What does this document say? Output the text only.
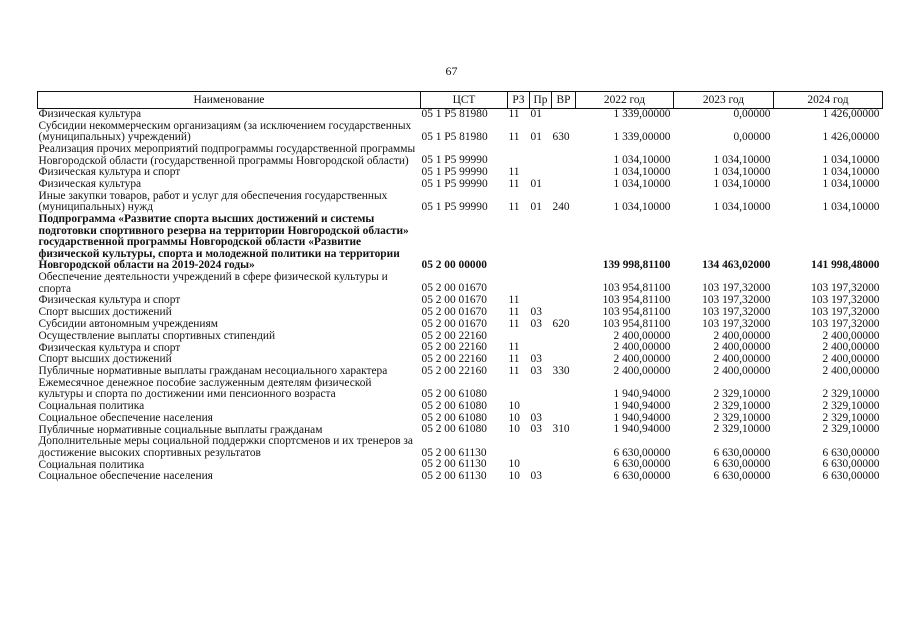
67
Наименование	ЦСТ	РЗ	Пр	ВР	2022 год	2023 год	2024 год
Физическая культура	05 1 P5 81980	11	01		1 339,00000	0,00000	1 426,00000
Субсидии некоммерческим организациям (за исключением государственных (муниципальных) учреждений)	05 1 P5 81980	11	01	630	1 339,00000	0,00000	1 426,00000
Реализация прочих мероприятий подпрограммы государственной программы Новгородской области (государственной программы Новгородской области)	05 1 P5 99990				1 034,10000	1 034,10000	1 034,10000
Физическая культура и спорт	05 1 P5 99990	11			1 034,10000	1 034,10000	1 034,10000
Физическая культура	05 1 P5 99990	11	01		1 034,10000	1 034,10000	1 034,10000
Иные закупки товаров, работ и услуг для обеспечения государственных (муниципальных) нужд	05 1 P5 99990	11	01	240	1 034,10000	1 034,10000	1 034,10000
Подпрограмма «Развитие спорта высших достижений и системы подготовки спортивного резерва на территории Новгородской области» государственной программы Новгородской области «Развитие физической культуры, спорта и молодежной политики на территории Новгородской области на 2019-2024 годы»	05 2 00 00000				139 998,81100	134 463,02000	141 998,48000
Обеспечение деятельности учреждений в сфере физической культуры и спорта	05 2 00 01670				103 954,81100	103 197,32000	103 197,32000
Физическая культура и спорт	05 2 00 01670	11			103 954,81100	103 197,32000	103 197,32000
Спорт высших достижений	05 2 00 01670	11	03		103 954,81100	103 197,32000	103 197,32000
Субсидии автономным учреждениям	05 2 00 01670	11	03	620	103 954,81100	103 197,32000	103 197,32000
Осуществление выплаты спортивных стипендий	05 2 00 22160				2 400,00000	2 400,00000	2 400,00000
Физическая культура и спорт	05 2 00 22160	11			2 400,00000	2 400,00000	2 400,00000
Спорт высших достижений	05 2 00 22160	11	03		2 400,00000	2 400,00000	2 400,00000
Публичные нормативные выплаты гражданам несоциального характера	05 2 00 22160	11	03	330	2 400,00000	2 400,00000	2 400,00000
Ежемесячное денежное пособие заслуженным деятелям физической культуры и спорта по достижении ими пенсионного возраста	05 2 00 61080				1 940,94000	2 329,10000	2 329,10000
Социальная политика	05 2 00 61080	10			1 940,94000	2 329,10000	2 329,10000
Социальное обеспечение населения	05 2 00 61080	10	03		1 940,94000	2 329,10000	2 329,10000
Публичные нормативные социальные выплаты гражданам	05 2 00 61080	10	03	310	1 940,94000	2 329,10000	2 329,10000
Дополнительные меры социальной поддержки спортсменов и их тренеров за достижение высоких спортивных результатов	05 2 00 61130				6 630,00000	6 630,00000	6 630,00000
Социальная политика	05 2 00 61130	10			6 630,00000	6 630,00000	6 630,00000
Социальное обеспечение населения	05 2 00 61130	10	03		6 630,00000	6 630,00000	6 630,00000
